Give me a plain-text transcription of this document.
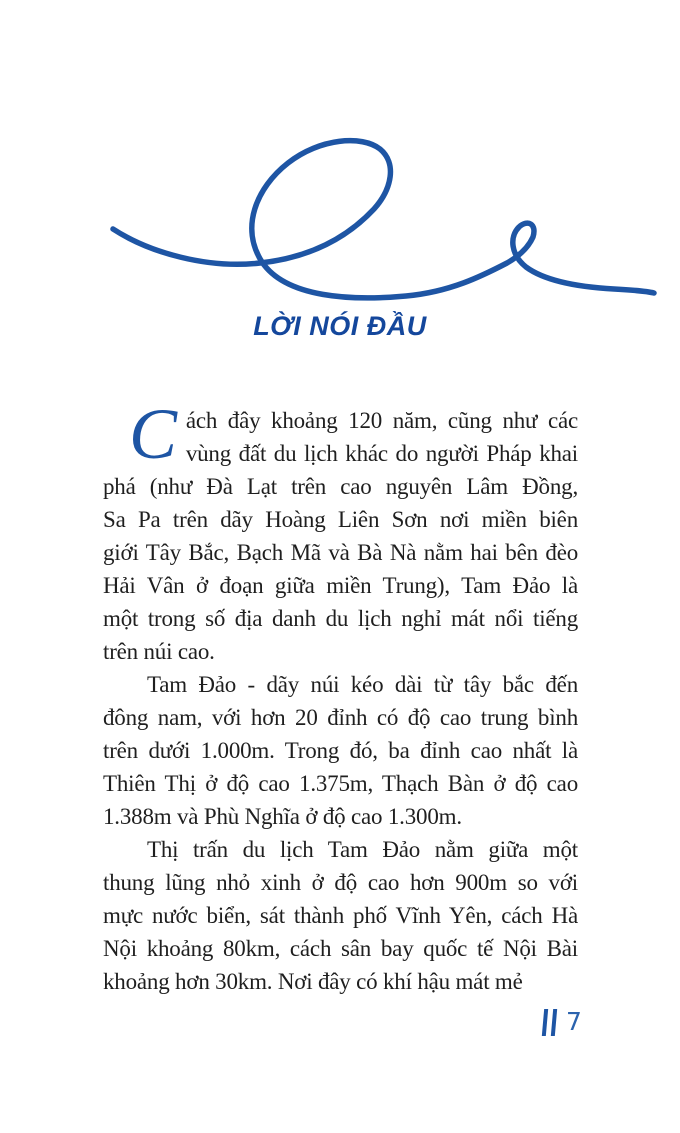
LỜI NÓI ĐẦU
C ách đây khoảng 120 năm, cũng như các
vùng đất du lịch khác do người Pháp khai
phá (như Đà Lạt trên cao nguyên Lâm Đồng,
Sa Pa trên dãy Hoàng Liên Sơn nơi miền biên
giới Tây Bắc, Bạch Mã và Bà Nà nằm hai bên đèo
Hải Vân ở đoạn giữa miền Trung), Tam Đảo là
một trong số địa danh du lịch nghỉ mát nổi tiếng
trên núi cao.
Tam Đảo - dãy núi kéo dài từ tây bắc đến
đông nam, với hơn 20 đỉnh có độ cao trung bình
trên dưới 1.000m. Trong đó, ba đỉnh cao nhất là
Thiên Thị ở độ cao 1.375m, Thạch Bàn ở độ cao
1.388m và Phù Nghĩa ở độ cao 1.300m.
Thị trấn du lịch Tam Đảo nằm giữa một
thung lũng nhỏ xinh ở độ cao hơn 900m so với
mực nước biển, sát thành phố Vĩnh Yên, cách Hà
Nội khoảng 80km, cách sân bay quốc tế Nội Bài
khoảng hơn 30km. Nơi đây có khí hậu mát mẻ
7
